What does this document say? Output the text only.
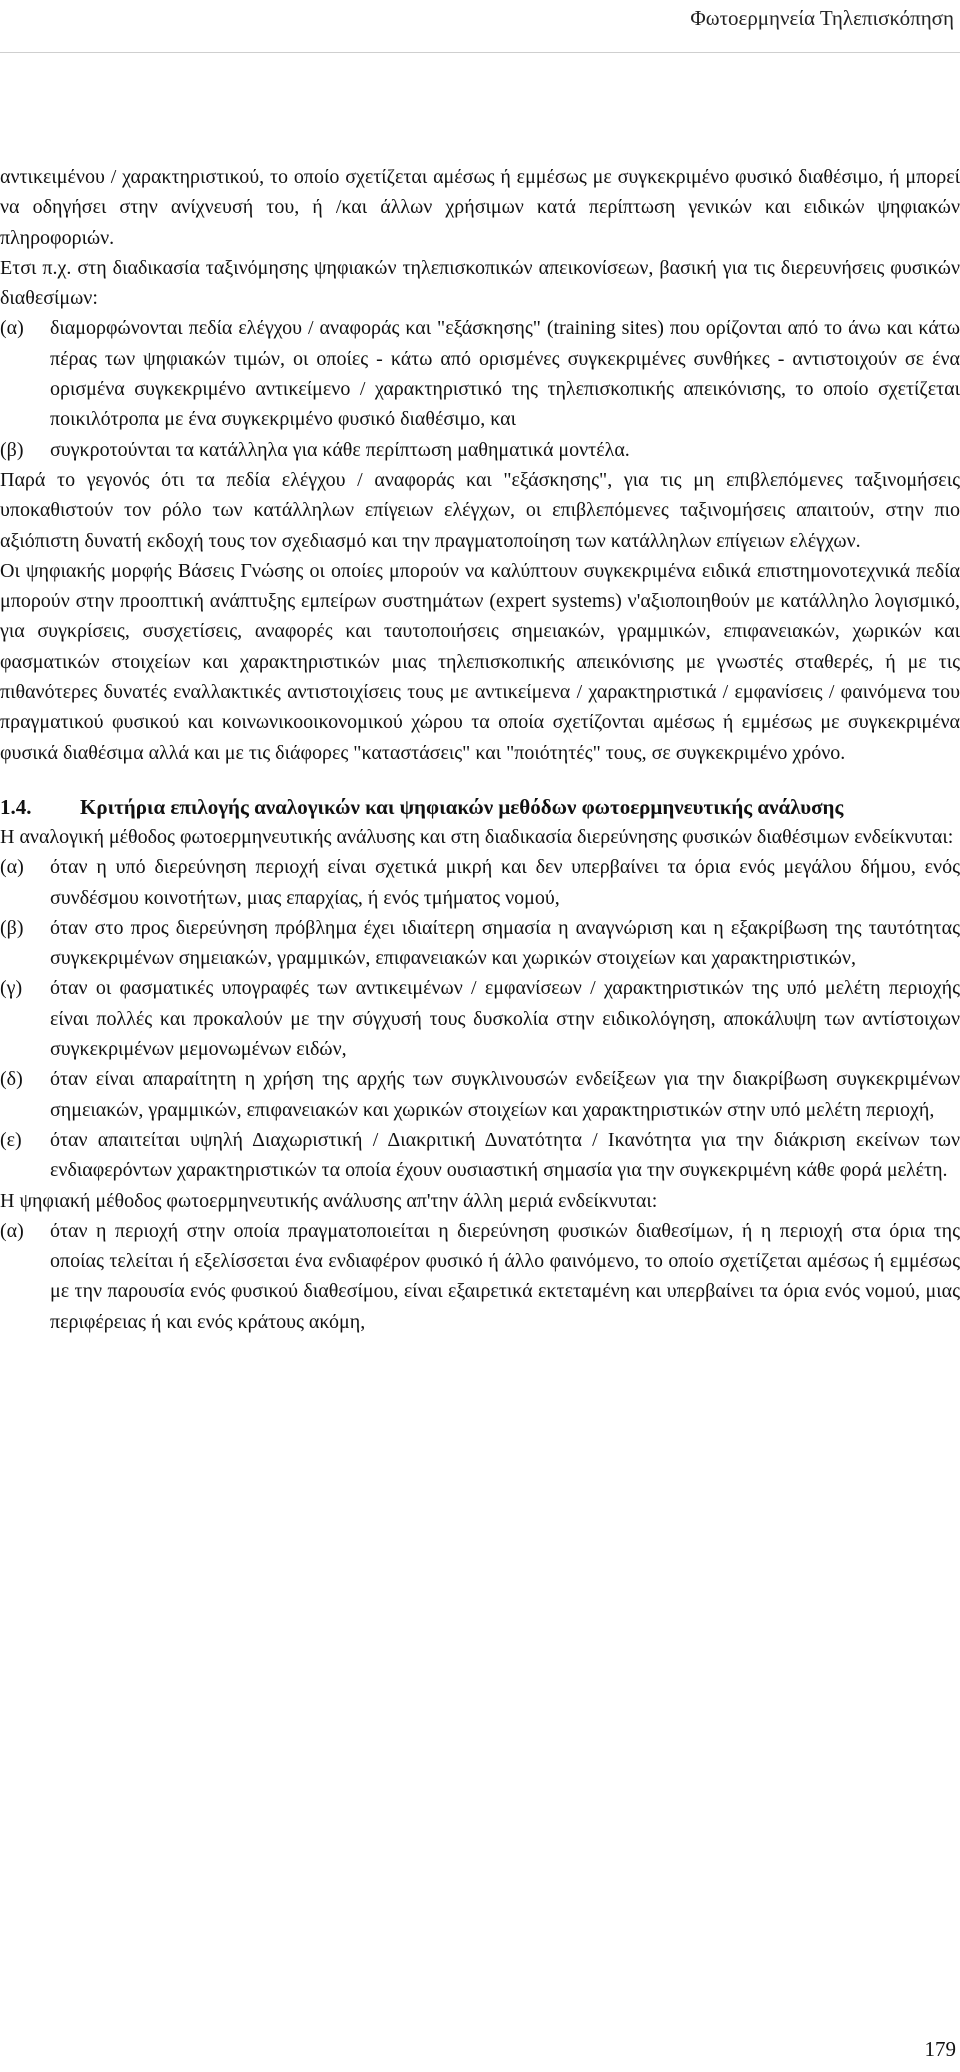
Φωτοερμηνεία Τηλεπισκόπηση

αντικειμένου / χαρακτηριστικού, το οποίο σχετίζεται αμέσως ή εμμέσως με συγκεκριμένο φυσικό διαθέσιμο, ή μπορεί να οδηγήσει στην ανίχνευσή του, ή /και άλλων χρήσιμων κατά περίπτωση γενικών και ειδικών ψηφιακών πληροφοριών.

Ετσι π.χ. στη διαδικασία ταξινόμησης ψηφιακών τηλεπισκοπικών απεικονίσεων, βασική για τις διερευνήσεις φυσικών διαθεσίμων:

(α)	διαμορφώνονται πεδία ελέγχου / αναφοράς και "εξάσκησης" (training sites) που ορίζονται από το άνω και κάτω πέρας των ψηφιακών τιμών, οι οποίες - κάτω από ορισμένες συγκεκριμένες συνθήκες - αντιστοιχούν σε ένα ορισμένα συγκεκριμένο αντικείμενο / χαρακτηριστικό της τηλεπισκοπικής απεικόνισης, το οποίο σχετίζεται ποικιλότροπα με ένα συγκεκριμένο φυσικό διαθέσιμο, και
(β)	συγκροτούνται τα κατάλληλα για κάθε περίπτωση μαθηματικά μοντέλα.

Παρά το γεγονός ότι τα πεδία ελέγχου / αναφοράς και "εξάσκησης", για τις μη επιβλεπόμενες ταξινομήσεις υποκαθιστούν τον ρόλο των κατάλληλων επίγειων ελέγχων, οι επιβλεπόμενες ταξινομήσεις απαιτούν, στην πιο αξιόπιστη δυνατή εκδοχή τους τον σχεδιασμό και την πραγματοποίηση των κατάλληλων επίγειων ελέγχων.

Οι ψηφιακής μορφής Βάσεις Γνώσης οι οποίες μπορούν να καλύπτουν συγκεκριμένα ειδικά επιστημονοτεχνικά πεδία μπορούν στην προοπτική ανάπτυξης εμπείρων συστημάτων (expert systems) ν'αξιοποιηθούν με κατάλληλο λογισμικό, για συγκρίσεις, συσχετίσεις, αναφορές και ταυτοποιήσεις σημειακών, γραμμικών, επιφανειακών, χωρικών και φασματικών στοιχείων και χαρακτηριστικών μιας τηλεπισκοπικής απεικόνισης με γνωστές σταθερές, ή με τις πιθανότερες δυνατές εναλλακτικές αντιστοιχίσεις τους με αντικείμενα / χαρακτηριστικά / εμφανίσεις / φαινόμενα του πραγματικού φυσικού και κοινωνικοοικονομικού χώρου τα οποία σχετίζονται αμέσως ή εμμέσως με συγκεκριμένα φυσικά διαθέσιμα αλλά και με τις διάφορες "καταστάσεις" και "ποιότητές" τους, σε συγκεκριμένο χρόνο.

1.4.	Κριτήρια επιλογής αναλογικών και ψηφιακών μεθόδων φωτοερμηνευτικής ανάλυσης

Η αναλογική μέθοδος φωτοερμηνευτικής ανάλυσης και στη διαδικασία διερεύνησης φυσικών διαθέσιμων ενδείκνυται:

(α)	όταν η υπό διερεύνηση περιοχή είναι σχετικά μικρή και δεν υπερβαίνει τα όρια ενός μεγάλου δήμου, ενός συνδέσμου κοινοτήτων, μιας επαρχίας, ή ενός τμήματος νομού,
(β)	όταν στο προς διερεύνηση πρόβλημα έχει ιδιαίτερη σημασία η αναγνώριση και η εξακρίβωση της ταυτότητας συγκεκριμένων σημειακών, γραμμικών, επιφανειακών και χωρικών στοιχείων και χαρακτηριστικών,
(γ)	όταν οι φασματικές υπογραφές των αντικειμένων / εμφανίσεων / χαρακτηριστικών της υπό μελέτη περιοχής είναι πολλές και προκαλούν με την σύγχυσή τους δυσκολία στην ειδικολόγηση, αποκάλυψη των αντίστοιχων συγκεκριμένων μεμονωμένων ειδών,
(δ)	όταν είναι απαραίτητη η χρήση της αρχής των συγκλινουσών ενδείξεων για την διακρίβωση συγκεκριμένων σημειακών, γραμμικών, επιφανειακών και χωρικών στοιχείων και χαρακτηριστικών στην υπό μελέτη περιοχή,
(ε)	όταν απαιτείται υψηλή Διαχωριστική / Διακριτική Δυνατότητα / Ικανότητα για την διάκριση εκείνων των ενδιαφερόντων χαρακτηριστικών τα οποία έχουν ουσιαστική σημασία για την συγκεκριμένη κάθε φορά μελέτη.

Η ψηφιακή μέθοδος φωτοερμηνευτικής ανάλυσης απ'την άλλη μεριά ενδείκνυται:

(α)	όταν η περιοχή στην οποία πραγματοποιείται η διερεύνηση φυσικών διαθεσίμων, ή η περιοχή στα όρια της οποίας τελείται ή εξελίσσεται ένα ενδιαφέρον φυσικό ή άλλο φαινόμενο, το οποίο σχετίζεται αμέσως ή εμμέσως με την παρουσία ενός φυσικού διαθεσίμου, είναι εξαιρετικά εκτεταμένη και υπερβαίνει τα όρια ενός νομού, μιας περιφέρειας ή και ενός κράτους ακόμη,
179
